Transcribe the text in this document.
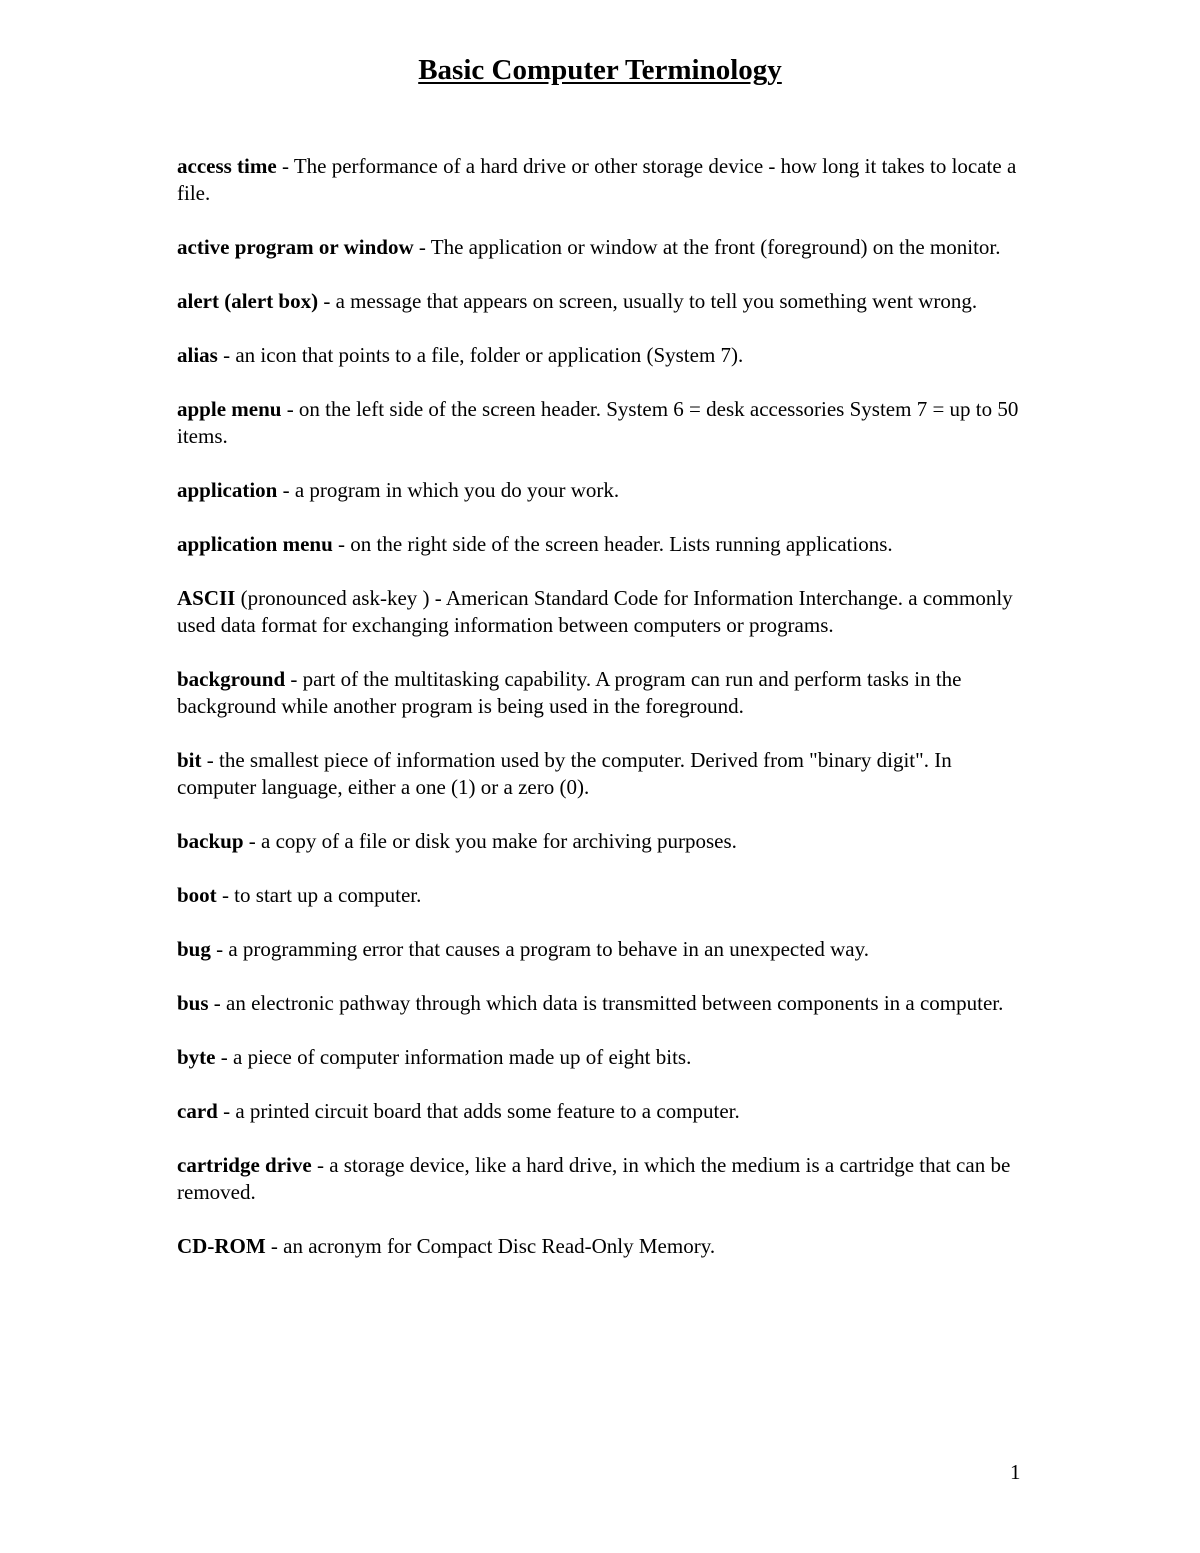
Basic Computer Terminology
access time - The performance of a hard drive or other storage device - how long it takes to locate a file.
active program or window - The application or window at the front (foreground) on the monitor.
alert (alert box) - a message that appears on screen, usually to tell you something went wrong.
alias - an icon that points to a file, folder or application (System 7).
apple menu - on the left side of the screen header. System 6 = desk accessories System 7 = up to 50 items.
application - a program in which you do your work.
application menu - on the right side of the screen header. Lists running applications.
ASCII (pronounced ask-key ) - American Standard Code for Information Interchange. a commonly used data format for exchanging information between computers or programs.
background - part of the multitasking capability. A program can run and perform tasks in the background while another program is being used in the foreground.
bit - the smallest piece of information used by the computer. Derived from "binary digit". In computer language, either a one (1) or a zero (0).
backup - a copy of a file or disk you make for archiving purposes.
boot - to start up a computer.
bug - a programming error that causes a program to behave in an unexpected way.
bus - an electronic pathway through which data is transmitted between components in a computer.
byte - a piece of computer information made up of eight bits.
card - a printed circuit board that adds some feature to a computer.
cartridge drive - a storage device, like a hard drive, in which the medium is a cartridge that can be removed.
CD-ROM - an acronym for Compact Disc Read-Only Memory.
1
